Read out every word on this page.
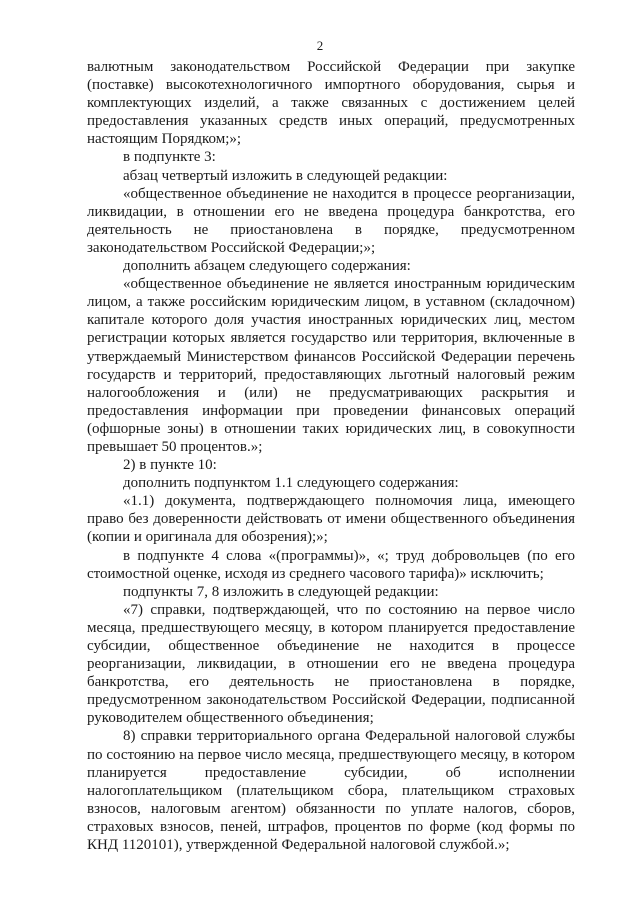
2

валютным законодательством Российской Федерации при закупке (поставке) высокотехнологичного импортного оборудования, сырья и комплектующих изделий, а также связанных с достижением целей предоставления указанных средств иных операций, предусмотренных настоящим Порядком;»;

в подпункте 3:

абзац четвертый изложить в следующей редакции:

«общественное объединение не находится в процессе реорганизации, ликвидации, в отношении его не введена процедура банкротства, его деятельность не приостановлена в порядке, предусмотренном законодательством Российской Федерации;»;

дополнить абзацем следующего содержания:

«общественное объединение не является иностранным юридическим лицом, а также российским юридическим лицом, в уставном (складочном) капитале которого доля участия иностранных юридических лиц, местом регистрации которых является государство или территория, включенные в утверждаемый Министерством финансов Российской Федерации перечень государств и территорий, предоставляющих льготный налоговый режим налогообложения и (или) не предусматривающих раскрытия и предоставления информации при проведении финансовых операций (офшорные зоны) в отношении таких юридических лиц, в совокупности превышает 50 процентов.»;

2) в пункте 10:

дополнить подпунктом 1.1 следующего содержания:

«1.1) документа, подтверждающего полномочия лица, имеющего право без доверенности действовать от имени общественного объединения (копии и оригинала для обозрения);»;

в подпункте 4 слова «(программы)», «; труд добровольцев (по его стоимостной оценке, исходя из среднего часового тарифа)» исключить;

подпункты 7, 8 изложить в следующей редакции:

«7) справки, подтверждающей, что по состоянию на первое число месяца, предшествующего месяцу, в котором планируется предоставление субсидии, общественное объединение не находится в процессе реорганизации, ликвидации, в отношении его не введена процедура банкротства, его деятельность не приостановлена в порядке, предусмотренном законодательством Российской Федерации, подписанной руководителем общественного объединения;

8) справки территориального органа Федеральной налоговой службы по состоянию на первое число месяца, предшествующего месяцу, в котором планируется предоставление субсидии, об исполнении налогоплательщиком (плательщиком сбора, плательщиком страховых взносов, налоговым агентом) обязанности по уплате налогов, сборов, страховых взносов, пеней, штрафов, процентов по форме (код формы по КНД 1120101), утвержденной Федеральной налоговой службой.»;
